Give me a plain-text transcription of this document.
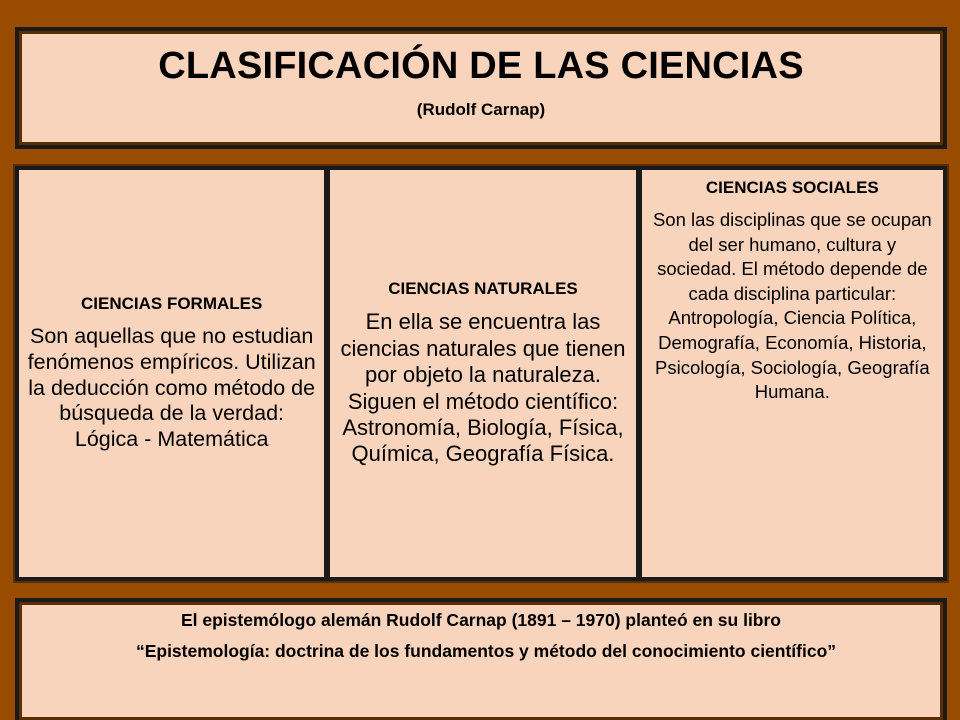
CLASIFICACIÓN DE LAS CIENCIAS
(Rudolf Carnap)
CIENCIAS FORMALES
Son aquellas que no estudian fenómenos empíricos. Utilizan la deducción como método de búsqueda de la verdad: Lógica - Matemática
CIENCIAS NATURALES
En ella se encuentra las ciencias naturales que tienen por objeto la naturaleza. Siguen el método científico: Astronomía, Biología, Física, Química, Geografía Física.
CIENCIAS SOCIALES
Son las disciplinas que se ocupan del ser humano, cultura y sociedad. El método depende de cada disciplina particular: Antropología, Ciencia Política, Demografía, Economía, Historia, Psicología, Sociología, Geografía Humana.
El epistemólogo alemán Rudolf Carnap (1891 – 1970) planteó en su libro
“Epistemología: doctrina de los fundamentos y método del conocimiento científico”
